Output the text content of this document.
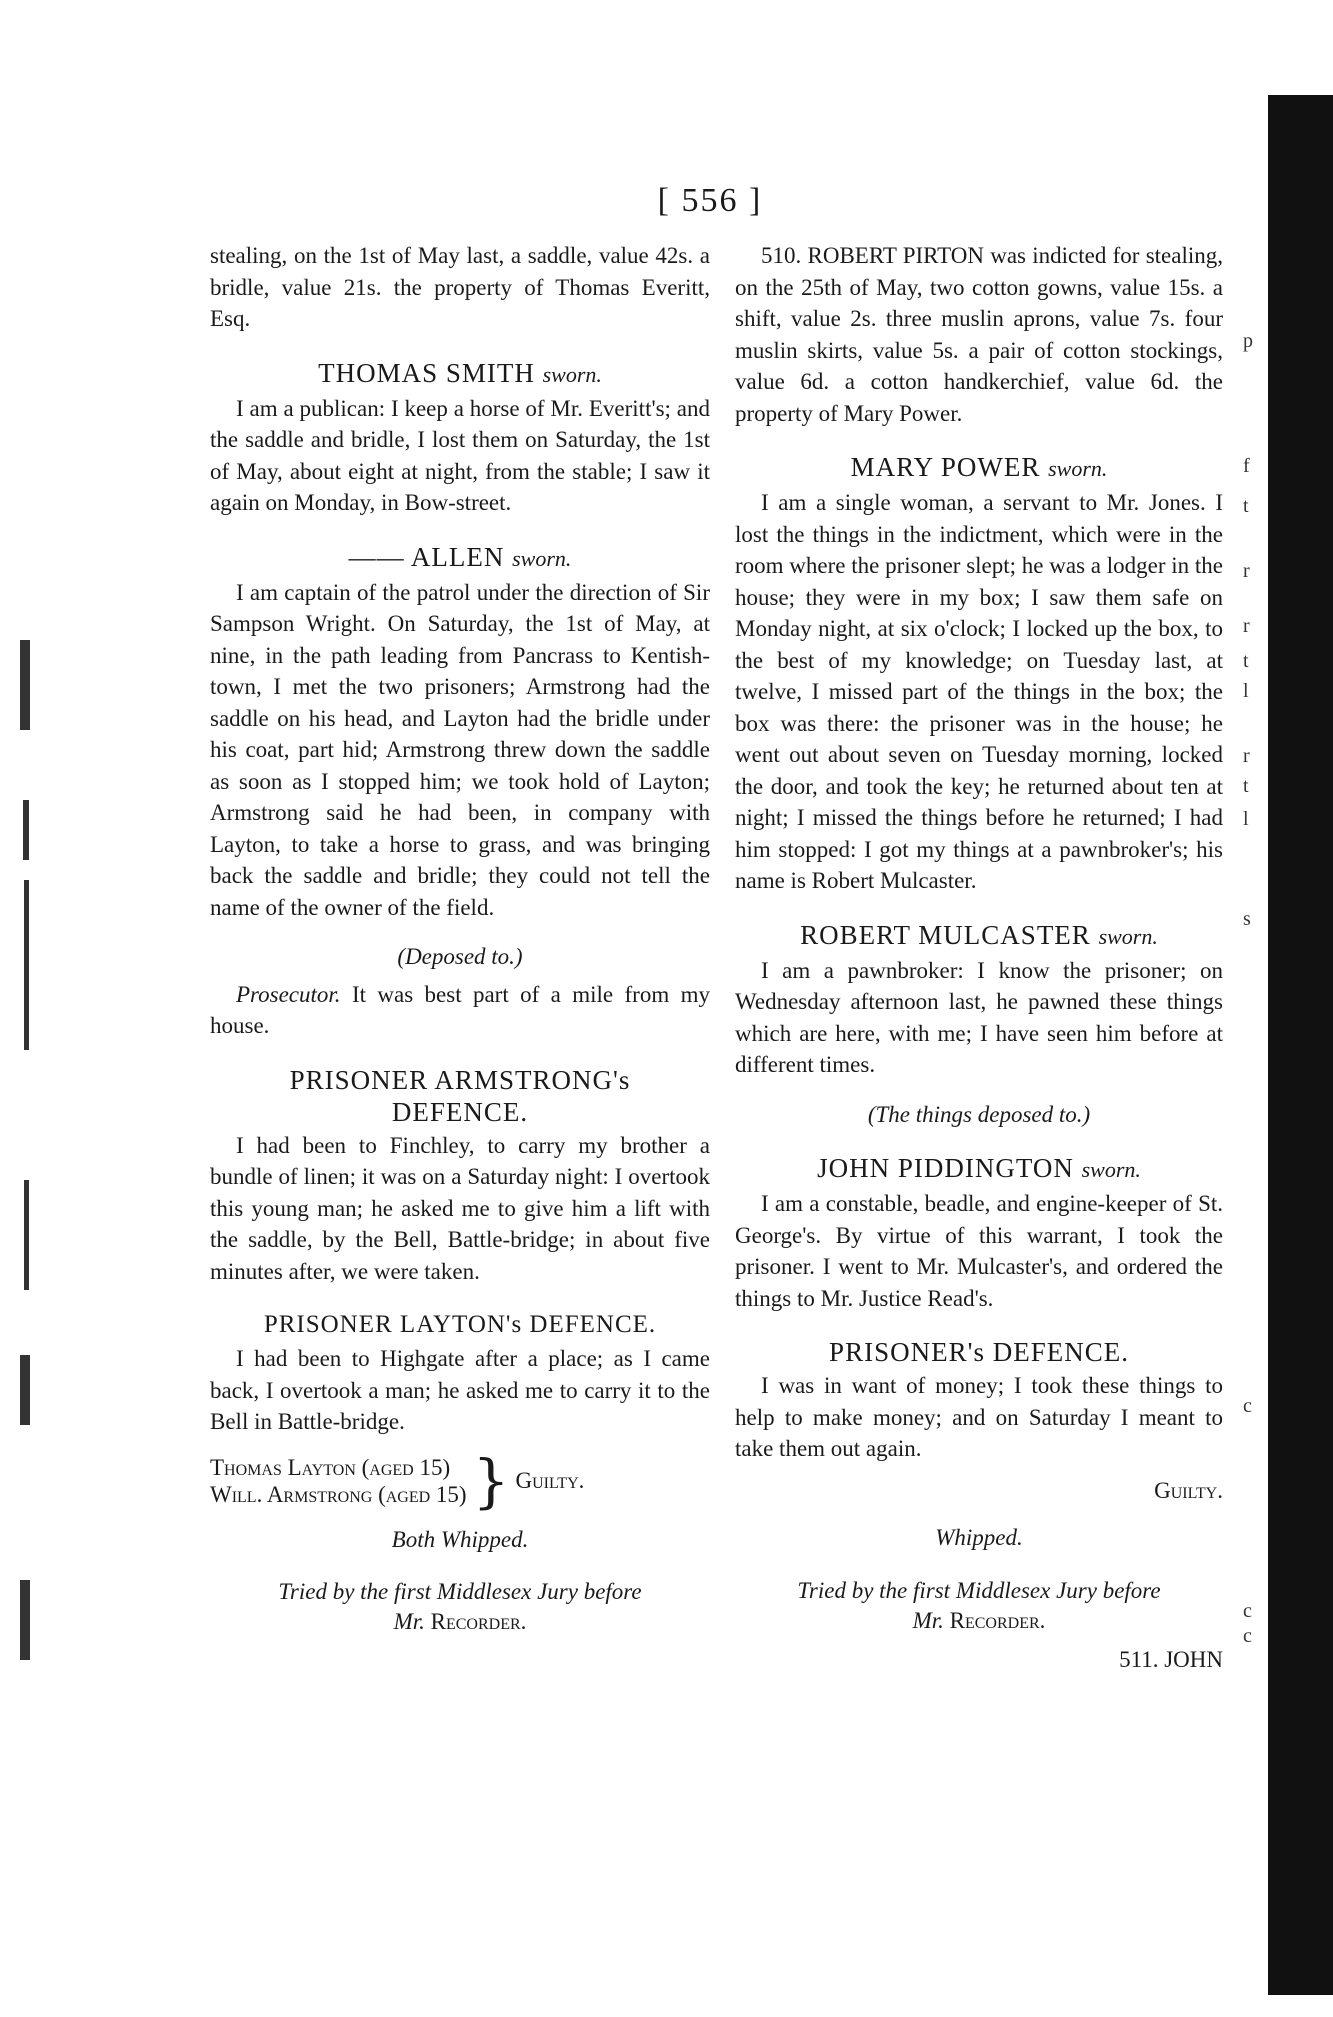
p
f
t
r
r
t
l
r
t
l
s
c
c
c
[ 556 ]

stealing, on the 1st of May last, a saddle, value 42s. a bridle, value 21s. the property of Thomas Everitt, Esq.

THOMAS SMITH sworn.

I am a publican: I keep a horse of Mr. Everitt's; and the saddle and bridle, I lost them on Saturday, the 1st of May, about eight at night, from the stable; I saw it again on Monday, in Bow-street.

—— ALLEN sworn.

I am captain of the patrol under the direction of Sir Sampson Wright. On Saturday, the 1st of May, at nine, in the path leading from Pancrass to Kentish-town, I met the two prisoners; Armstrong had the saddle on his head, and Layton had the bridle under his coat, part hid; Armstrong threw down the saddle as soon as I stopped him; we took hold of Layton; Armstrong said he had been, in company with Layton, to take a horse to grass, and was bringing back the saddle and bridle; they could not tell the name of the owner of the field.

(Deposed to.)

Prosecutor. It was best part of a mile from my house.

PRISONER ARMSTRONG's
DEFENCE.

I had been to Finchley, to carry my brother a bundle of linen; it was on a Saturday night: I overtook this young man; he asked me to give him a lift with the saddle, by the Bell, Battle-bridge; in about five minutes after, we were taken.

PRISONER LAYTON's DEFENCE.

I had been to Highgate after a place; as I came back, I overtook a man; he asked me to carry it to the Bell in Battle-bridge.

Thomas Layton (aged 15)
Will. Armstrong (aged 15) } Guilty.
Both Whipped.
Tried by the first Middlesex Jury before
Mr. Recorder.

510. ROBERT PIRTON was indicted for stealing, on the 25th of May, two cotton gowns, value 15s. a shift, value 2s. three muslin aprons, value 7s. four muslin skirts, value 5s. a pair of cotton stockings, value 6d. a cotton handkerchief, value 6d. the property of Mary Power.

MARY POWER sworn.

I am a single woman, a servant to Mr. Jones. I lost the things in the indictment, which were in the room where the prisoner slept; he was a lodger in the house; they were in my box; I saw them safe on Monday night, at six o'clock; I locked up the box, to the best of my knowledge; on Tuesday last, at twelve, I missed part of the things in the box; the box was there: the prisoner was in the house; he went out about seven on Tuesday morning, locked the door, and took the key; he returned about ten at night; I missed the things before he returned; I had him stopped: I got my things at a pawnbroker's; his name is Robert Mulcaster.

ROBERT MULCASTER sworn.

I am a pawnbroker: I know the prisoner; on Wednesday afternoon last, he pawned these things which are here, with me; I have seen him before at different times.

(The things deposed to.)
JOHN PIDDINGTON sworn.

I am a constable, beadle, and engine-keeper of St. George's. By virtue of this warrant, I took the prisoner. I went to Mr. Mulcaster's, and ordered the things to Mr. Justice Read's.

PRISONER's DEFENCE.

I was in want of money; I took these things to help to make money; and on Saturday I meant to take them out again.

Guilty.
Whipped.
Tried by the first Middlesex Jury before
Mr. Recorder.
511. JOHN
